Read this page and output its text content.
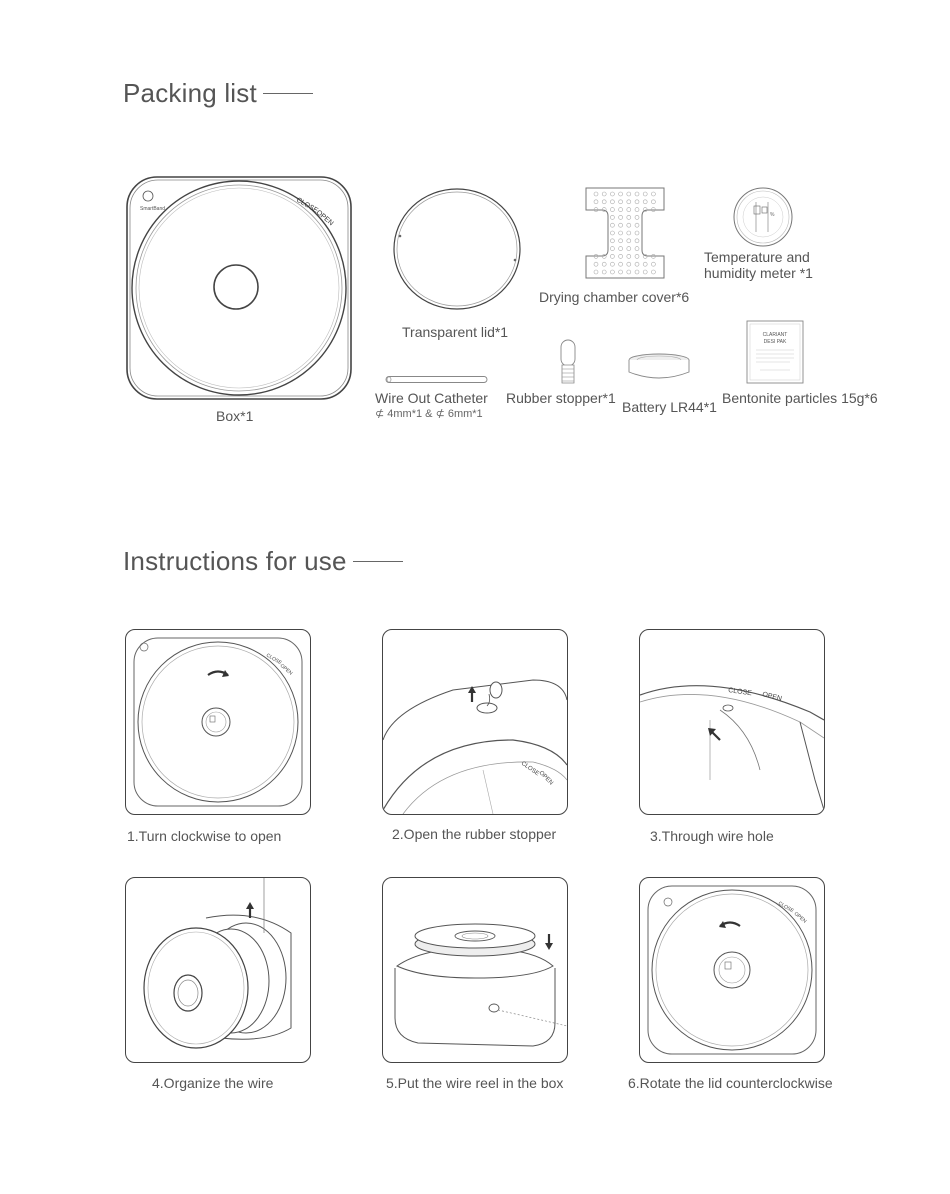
Packing list
SmartBand	CLOSE
OPEN
Box*1
Transparent lid*1
Drying chamber cover*6
%
Temperature and
humidity meter *1
Wire Out Catheter
⊄ 4mm*1 & ⊄ 6mm*1
Rubber stopper*1
Battery LR44*1
CLARIANT
DESI PAK
Bentonite particles 15g*6
Instructions for use
CLOSE
OPEN
1.Turn clockwise to open
CLOSE
OPEN
2.Open the rubber stopper
CLOSE OPEN
3.Through wire hole
4.Organize the wire	5.Put the wire reel in the box
CLOSE
OPEN
6.Rotate the lid counterclockwise
